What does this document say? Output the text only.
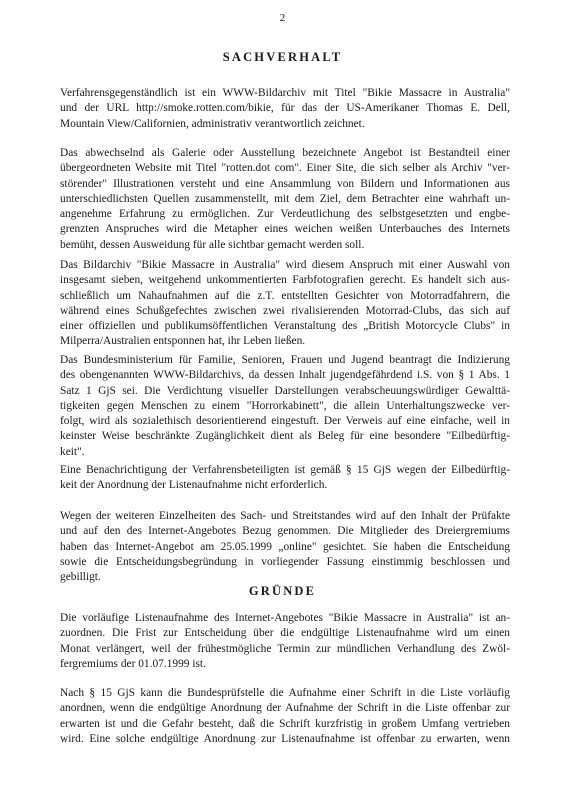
2
SACHVERHALT

Verfahrensgegenständlich ist ein WWW-Bildarchiv mit Titel "Bikie Massacre in Australia"
und der URL http://smoke.rotten.com/bikie, für das der US-Amerikaner Thomas E. Dell,
Mountain View/Californien, administrativ verantwortlich zeichnet.

Das abwechselnd als Galerie oder Ausstellung bezeichnete Angebot ist Bestandteil einer
übergeordneten Website mit Titel "rotten.dot com". Einer Site, die sich selber als Archiv "ver-
störender" Illustrationen versteht und eine Ansammlung von Bildern und Informationen aus
unterschiedlichsten Quellen zusammenstellt, mit dem Ziel, dem Betrachter eine wahrhaft un-
angenehme Erfahrung zu ermöglichen. Zur Verdeutlichung des selbstgesetzten und engbe-
grenzten Anspruches wird die Metapher eines weichen weißen Unterbauches des Internets
bemüht, dessen Ausweidung für alle sichtbar gemacht werden soll.

Das Bildarchiv "Bikie Massacre in Australia" wird diesem Anspruch mit einer Auswahl von
insgesamt sieben, weitgehend unkommentierten Farbfotografien gerecht. Es handelt sich aus-
schließlich um Nahaufnahmen auf die z.T. entstellten Gesichter von Motorradfahrern, die
während eines Schußgefechtes zwischen zwei rivalisierenden Motorrad-Clubs, das sich auf
einer offiziellen und publikumsöffentlichen Veranstaltung des „British Motorcycle Clubs" in
Milperra/Australien entsponnen hat, ihr Leben ließen.

Das Bundesministerium für Familie, Senioren, Frauen und Jugend beantragt die Indizierung
des obengenannten WWW-Bildarchivs, da dessen Inhalt jugendgefährdend i.S. von § 1 Abs. 1
Satz 1 GjS sei. Die Verdichtung visueller Darstellungen verabscheuungswürdiger Gewalttä-
tigkeiten gegen Menschen zu einem "Horrorkabinett", die allein Unterhaltungszwecke ver-
folgt, wird als sozialethisch desorientierend eingestuft. Der Verweis auf eine einfache, weil in
keinster Weise beschränkte Zugänglichkeit dient als Beleg für eine besondere "Eilbedürftig-
keit".

Eine Benachrichtigung der Verfahrensbeteiligten ist gemäß § 15 GjS wegen der Eilbedürftig-
keit der Anordnung der Listenaufnahme nicht erforderlich.

Wegen der weiteren Einzelheiten des Sach- und Streitstandes wird auf den Inhalt der Prüfakte
und auf den des Internet-Angebotes Bezug genommen. Die Mitglieder des Dreiergremiums
haben das Internet-Angebot am 25.05.1999 „online" gesichtet. Sie haben die Entscheidung
sowie die Entscheidungsbegründung in vorliegender Fassung einstimmig beschlossen und
gebilligt.

GRÜNDE

Die vorläufige Listenaufnahme des Internet-Angebotes "Bikie Massacre in Australia" ist an-
zuordnen. Die Frist zur Entscheidung über die endgültige Listenaufnahme wird um einen
Monat verlängert, weil der frühestmögliche Termin zur mündlichen Verhandlung des Zwöl-
fergremiums der 01.07.1999 ist.

Nach § 15 GjS kann die Bundesprüfstelle die Aufnahme einer Schrift in die Liste vorläufig
anordnen, wenn die endgültige Anordnung der Aufnahme der Schrift in die Liste offenbar zur
erwarten ist und die Gefahr besteht, daß die Schrift kurzfristig in großem Umfang vertrieben
wird. Eine solche endgültige Anordnung zur Listenaufnahme ist offenbar zu erwarten, wenn
